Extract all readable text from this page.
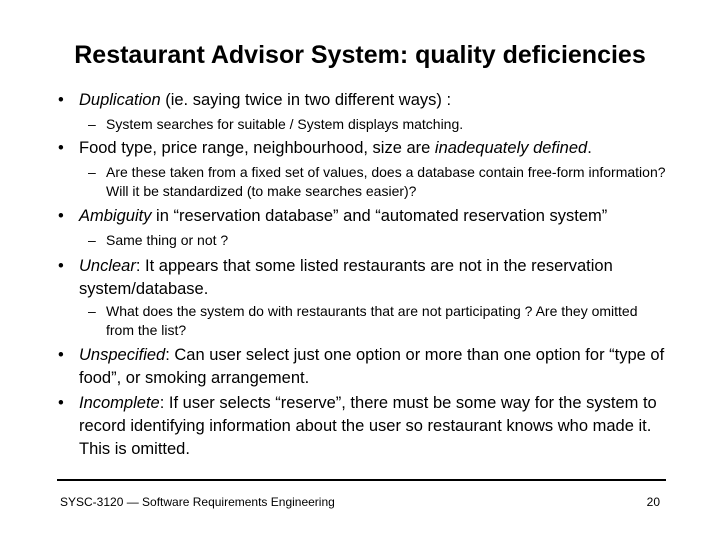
Restaurant Advisor System: quality deficiencies
• Duplication (ie. saying twice in two different ways) :
– System searches for suitable / System displays matching.
• Food type, price range, neighbourhood, size are inadequately defined.
– Are these taken from a fixed set of values, does a database contain free-form information? Will it be standardized (to make searches easier)?
• Ambiguity in “reservation database” and “automated reservation system”
– Same thing or not ?
• Unclear: It appears that some listed restaurants are not in the reservation system/database.
– What does the system do with restaurants that are not participating ? Are they omitted from the list?
• Unspecified: Can user select just one option or more than one option for “type of food”, or smoking arrangement.
• Incomplete: If user selects “reserve”, there must be some way for the system to record identifying information about the user so restaurant knows who made it. This is omitted.
SYSC-3120 — Software Requirements Engineering	20
